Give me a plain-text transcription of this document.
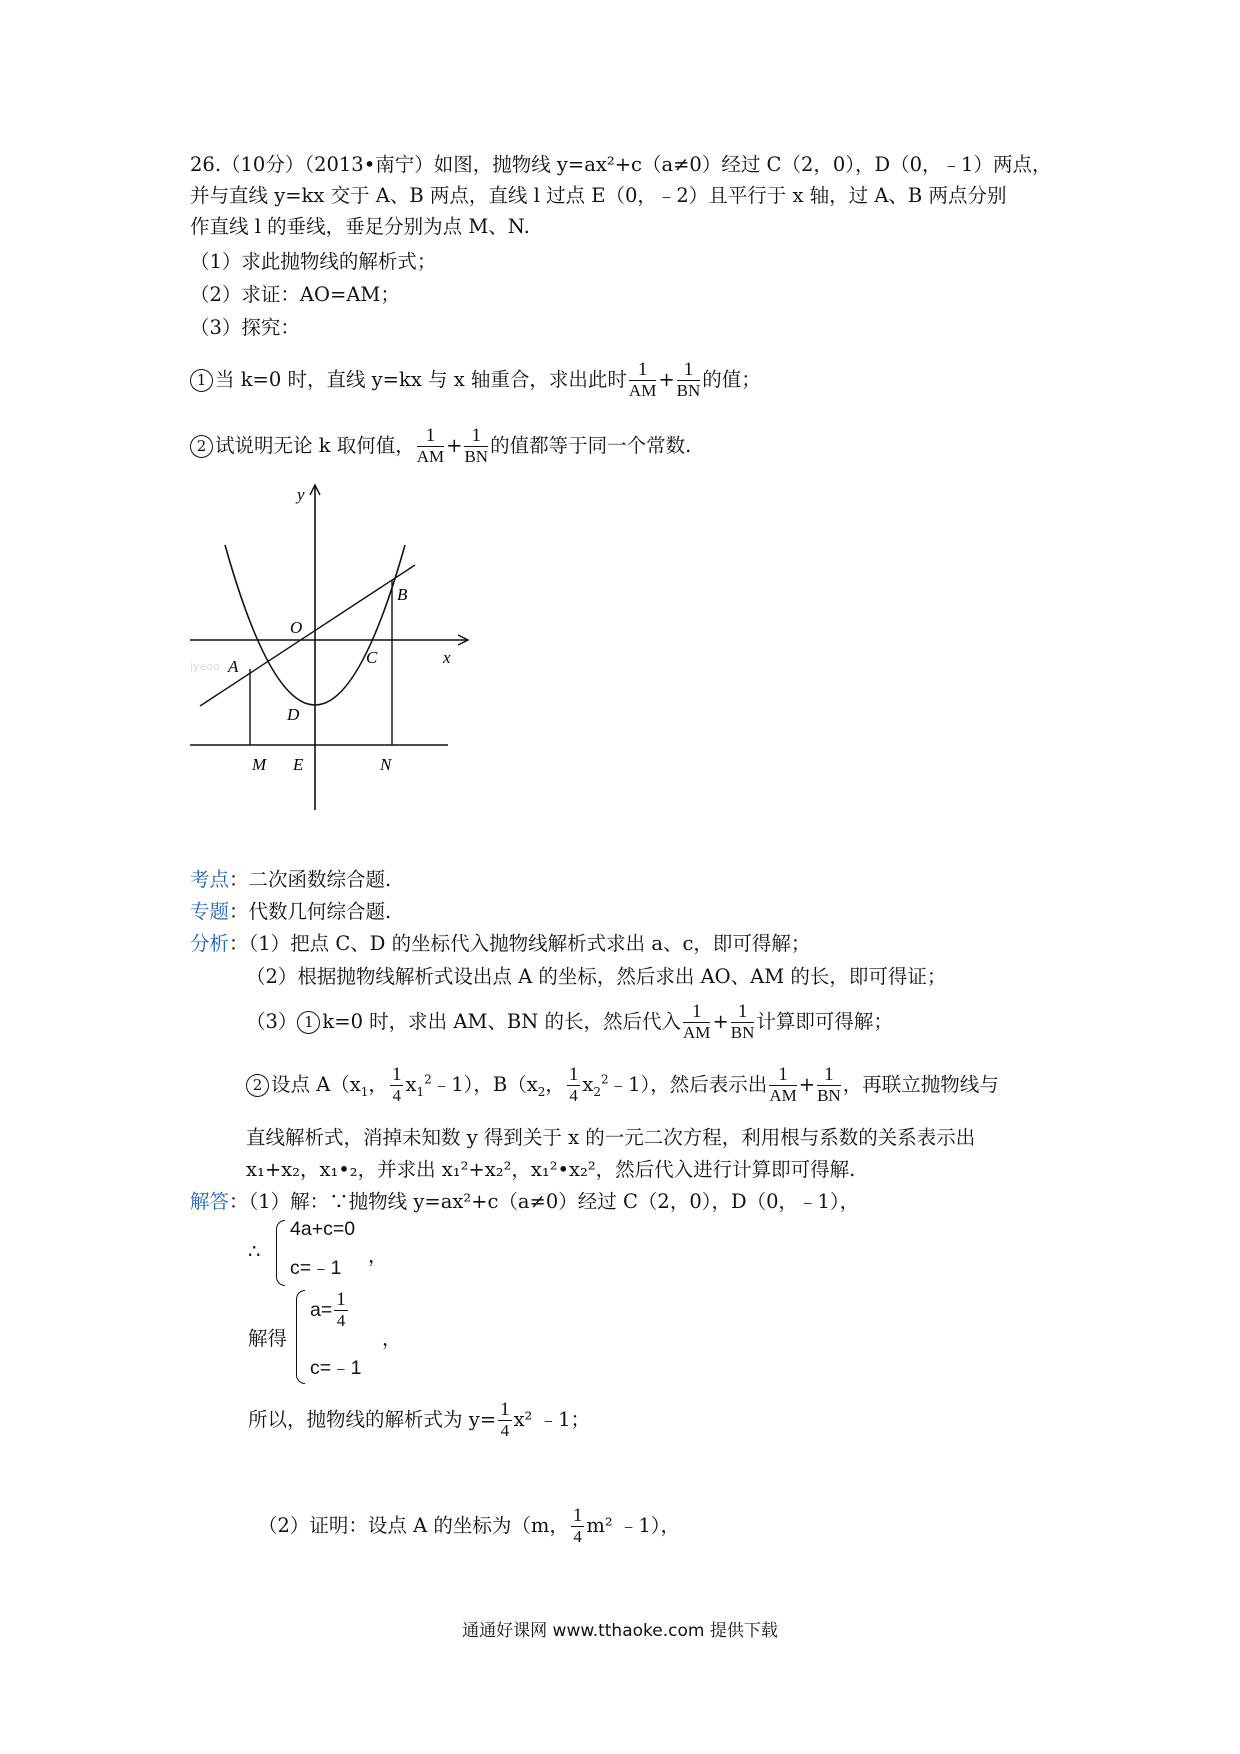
26.（10分）（2013•南宁）如图，抛物线 y=ax²+c（a≠0）经过 C（2，0），D（0，﹣1）两点，
并与直线 y=kx 交于 A、B 两点，直线 l 过点 E（0，﹣2）且平行于 x 轴，过 A、B 两点分别
作直线 l 的垂线，垂足分别为点 M、N.
（1）求此抛物线的解析式；
（2）求证：AO=AM；
（3）探究：
1 当 k=0 时，直线 y=kx 与 x 轴重合，求出此时 $\frac{1}{AM} + \frac{1}{BN}$ 的值；
2 试说明无论 k 取何值， $\frac{1}{AM} + \frac{1}{BN}$ 的值都等于同一个常数.
y
x
O
A
B
C
D
M E	N
jyeoo
考点：二次函数综合题.
专题：代数几何综合题.
分析：（1）把点 C、D 的坐标代入抛物线解析式求出 a、c，即可得解；
（2）根据抛物线解析式设出点 A 的坐标，然后求出 AO、AM 的长，即可得证；
（3） 1 k=0 时，求出 AM、BN 的长，然后代入 $\frac{1}{AM} + \frac{1}{BN}$ 计算即可得解；
2 设点 $A(x_1$， $\frac{1}{4}$ $x_1^2﹣1$），$B(x_2$， $\frac{1}{4}$ $x_2^2﹣1$），然后表示出 $\frac{1}{AM} + \frac{1}{BN}$ ，再联立抛物线与
直线解析式，消掉未知数 y 得到关于 x 的一元二次方程，利用根与系数的关系表示出
x₁+x₂，x₁•₂，并求出 x₁²+x₂²，x₁²•x₂²，然后代入进行计算即可得解.
解答：（1）解：∵抛物线 y=ax²+c（a≠0）经过 C（2，0），D（0，﹣1），
∴
4a+c=0
c=﹣1
，
解得
$a= \frac{1}{4}$
c=﹣1
，
所以，抛物线的解析式为 $y= \frac{1}{4} x^2$ ﹣1；
（2）证明：设点 A 的坐标为（m， $\frac{1}{4} m^2$ ﹣1），
通通好课网 www.tthaoke.com 提供下载
